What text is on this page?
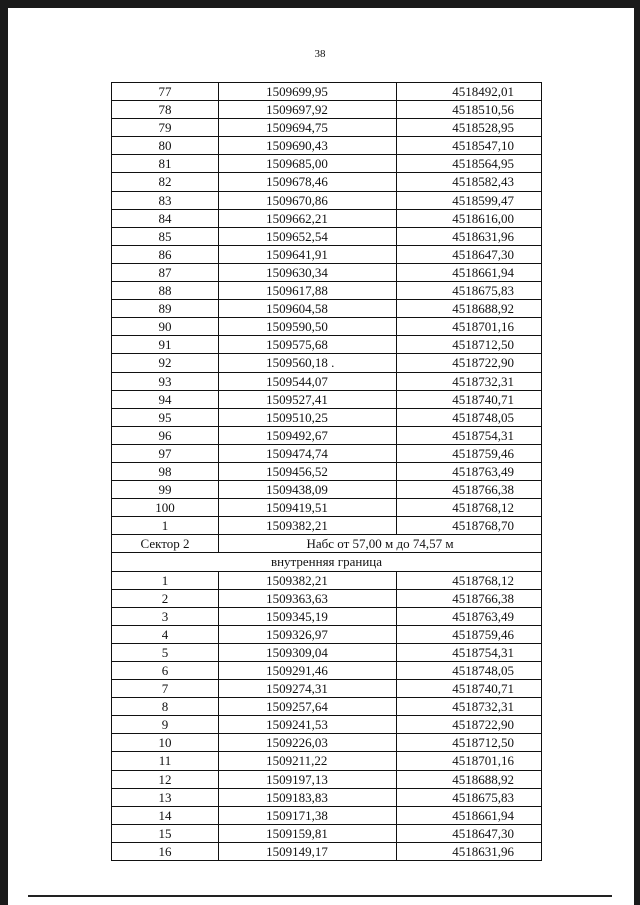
38
77	1509699,95	4518492,01
78	1509697,92	4518510,56
79	1509694,75	4518528,95
80	1509690,43	4518547,10
81	1509685,00	4518564,95
82	1509678,46	4518582,43
83	1509670,86	4518599,47
84	1509662,21	4518616,00
85	1509652,54	4518631,96
86	1509641,91	4518647,30
87	1509630,34	4518661,94
88	1509617,88	4518675,83
89	1509604,58	4518688,92
90	1509590,50	4518701,16
91	1509575,68	4518712,50
92	1509560,18 .	4518722,90
93	1509544,07	4518732,31
94	1509527,41	4518740,71
95	1509510,25	4518748,05
96	1509492,67	4518754,31
97	1509474,74	4518759,46
98	1509456,52	4518763,49
99	1509438,09	4518766,38
100	1509419,51	4518768,12
1	1509382,21	4518768,70
Сектор 2	Набс от 57,00 м до 74,57 м	
внутренняя граница		
1	1509382,21	4518768,12
2	1509363,63	4518766,38
3	1509345,19	4518763,49
4	1509326,97	4518759,46
5	1509309,04	4518754,31
6	1509291,46	4518748,05
7	1509274,31	4518740,71
8	1509257,64	4518732,31
9	1509241,53	4518722,90
10	1509226,03	4518712,50
11	1509211,22	4518701,16
12	1509197,13	4518688,92
13	1509183,83	4518675,83
14	1509171,38	4518661,94
15	1509159,81	4518647,30
16	1509149,17	4518631,96
